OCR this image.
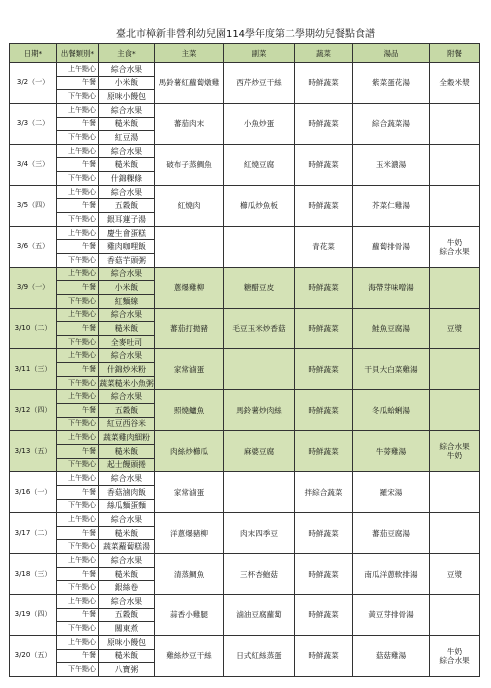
臺北市樟新非營利幼兒園114學年度第二學期幼兒餐點食譜
日期*	出餐類別*	主食*	主菜	副菜	蔬菜	湯品	附餐
3/2（一）	上午點心	綜合水果	馬鈴薯紅蘿蔔燉雞	西芹炒豆干絲	時鮮蔬菜	紫菜蛋花湯	全穀米漿
	午餐	小米飯					
	下午點心	原味小饅包					
3/3（二）	上午點心	綜合水果	蕃茄肉末	小魚炒蛋	時鮮蔬菜	綜合蔬菜湯	
	午餐	糙米飯					
	下午點心	紅豆湯					
3/4（三）	上午點心	綜合水果	破布子蒸鯛魚	紅燒豆腐	時鮮蔬菜	玉米濃湯	
	午餐	糙米飯					
	下午點心	什錦粿條					
3/5（四）	上午點心	綜合水果	紅燒肉	櫛瓜炒魚板	時鮮蔬菜	芥菜仁雞湯	
	午餐	五穀飯					
	下午點心	銀耳蓮子湯					
3/6（五）	上午點心	慶生會蛋糕			青花菜	蘿蔔排骨湯	牛奶
綜合水果
	午餐	雞肉咖哩飯					
	下午點心	香菇芋頭粥					
3/9（一）	上午點心	綜合水果	蔥爆雞柳	糖醋豆皮	時鮮蔬菜	海帶芽味噌湯	
	午餐	小米飯					
	下午點心	紅麵線					
3/10（二）	上午點心	綜合水果	蕃茄打拋豬	毛豆玉米炒香菇	時鮮蔬菜	鮭魚豆腐湯	豆漿
	午餐	糙米飯					
	下午點心	全麥吐司					
3/11（三）	上午點心	綜合水果	家常滷蛋		時鮮蔬菜	干貝大白菜雞湯	
	午餐	什錦炒米粉					
	下午點心	蔬菜糙米小魚粥					
3/12（四）	上午點心	綜合水果	照燒鱸魚	馬鈴薯炒肉絲	時鮮蔬菜	冬瓜蛤蜊湯	
	午餐	五穀飯					
	下午點心	紅豆西谷米					
3/13（五）	上午點心	蔬菜雞肉細粉	肉絲炒櫛瓜	麻婆豆腐	時鮮蔬菜	牛蒡雞湯	綜合水果
牛奶
	午餐	糙米飯					
	下午點心	起士饅頭捲					
3/16（一）	上午點心	綜合水果	家常滷蛋		拌綜合蔬菜	羅宋湯	
	午餐	香菇滷肉飯					
	下午點心	絲瓜麵蛋麵					
3/17（二）	上午點心	綜合水果	洋蔥爆豬柳	肉末四季豆	時鮮蔬菜	蕃茄豆腐湯	
	午餐	糙米飯					
	下午點心	蔬菜蘿蔔糕湯					
3/18（三）	上午點心	綜合水果	清蒸鯛魚	三杯杏鮑菇	時鮮蔬菜	南瓜洋蔥軟排湯	豆漿
	午餐	糙米飯					
	下午點心	銀絲卷					
3/19（四）	上午點心	綜合水果	蒜香小雞腿	滷油豆腐蘿蔔	時鮮蔬菜	黃豆芽排骨湯	
	午餐	五穀飯					
	下午點心	關東煮					
3/20（五）	上午點心	原味小饅包	雞絲炒豆干絲	日式紅絲蒸蛋	時鮮蔬菜	菇菇雞湯	牛奶
綜合水果
	午餐	糙米飯					
	下午點心	八寶粥					
